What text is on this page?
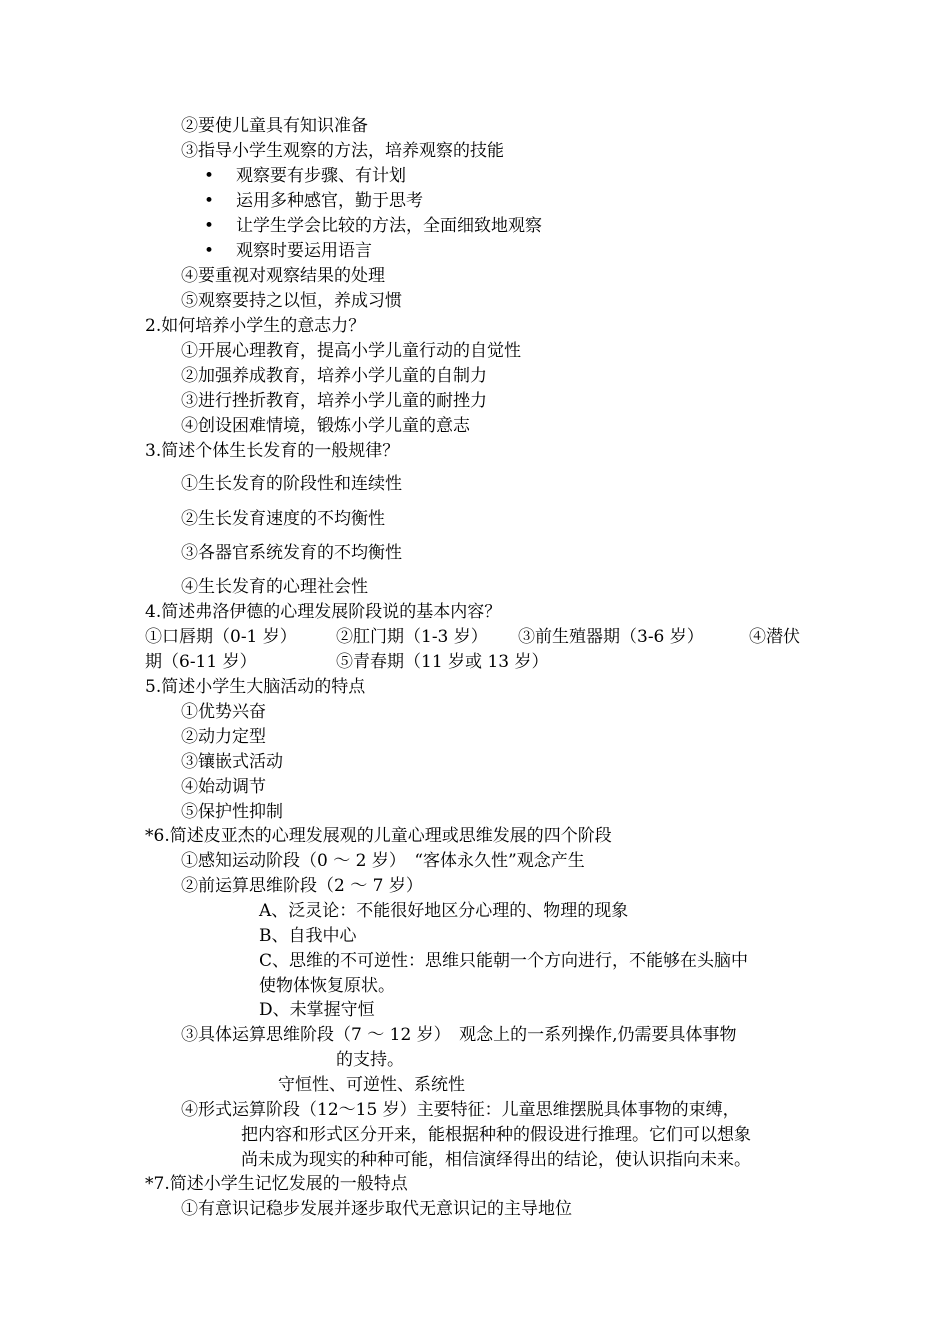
②要使儿童具有知识准备
③指导小学生观察的方法，培养观察的技能
• 观察要有步骤、有计划
• 运用多种感官，勤于思考
• 让学生学会比较的方法，全面细致地观察
• 观察时要运用语言
④要重视对观察结果的处理
⑤观察要持之以恒，养成习惯
2.如何培养小学生的意志力？
①开展心理教育，提高小学儿童行动的自觉性
②加强养成教育，培养小学儿童的自制力
③进行挫折教育，培养小学儿童的耐挫力
④创设困难情境，锻炼小学儿童的意志
3.简述个体生长发育的一般规律？
①生长发育的阶段性和连续性
②生长发育速度的不均衡性
③各器官系统发育的不均衡性
④生长发育的心理社会性
4.简述弗洛伊德的心理发展阶段说的基本内容？
①口唇期（0-1 岁） ②肛门期（1-3 岁） ③前生殖器期（3-6 岁）	④潜伏
期（6-11 岁）	⑤青春期（11 岁或 13 岁）
5.简述小学生大脑活动的特点
①优势兴奋
②动力定型
③镶嵌式活动
④始动调节
⑤保护性抑制
*6.简述皮亚杰的心理发展观的儿童心理或思维发展的四个阶段
①感知运动阶段（0 ～ 2 岁）　“客体永久性”观念产生
②前运算思维阶段（2 ～ 7 岁）
A、泛灵论：不能很好地区分心理的、物理的现象
B、自我中心
C、思维的不可逆性：思维只能朝一个方向进行，不能够在头脑中
使物体恢复原状。
D、未掌握守恒
③具体运算思维阶段（7 ～ 12 岁）　观念上的一系列操作,仍需要具体事物
的支持。
守恒性、可逆性、系统性
④形式运算阶段（12～15 岁）主要特征：儿童思维摆脱具体事物的束缚，
把内容和形式区分开来，能根据种种的假设进行推理。它们可以想象
尚未成为现实的种种可能，相信演绎得出的结论，使认识指向未来。
*7.简述小学生记忆发展的一般特点
①有意识记稳步发展并逐步取代无意识记的主导地位
